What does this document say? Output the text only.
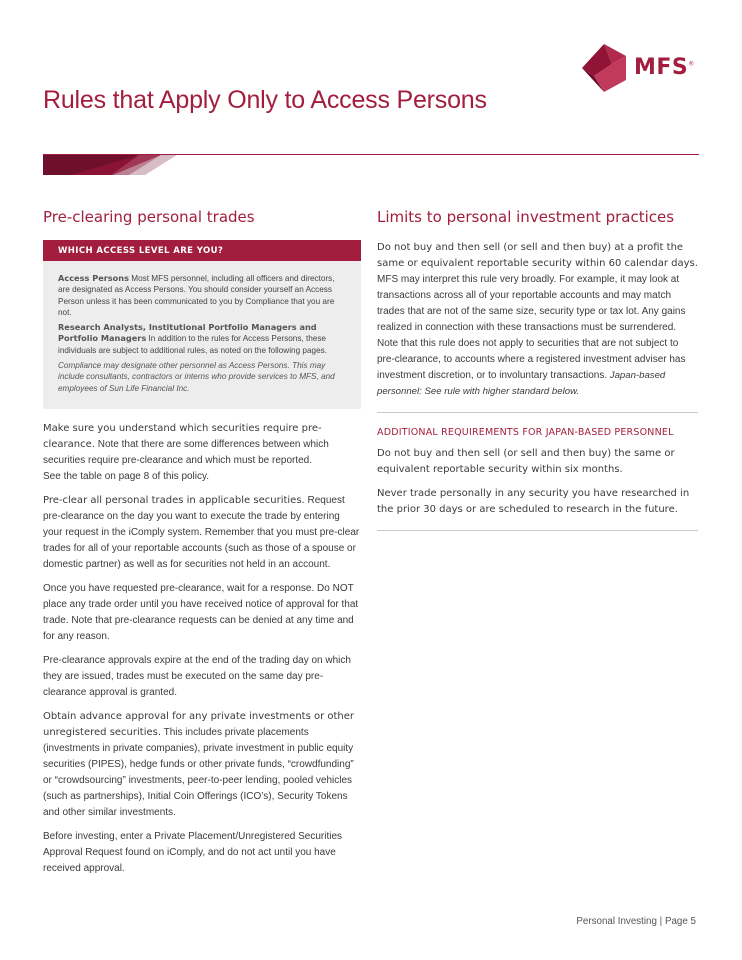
MFS®
Rules that Apply Only to Access Persons
Pre-clearing personal trades
WHICH ACCESS LEVEL ARE YOU?

Access Persons Most MFS personnel, including all officers and directors, are designated as Access Persons. You should consider yourself an Access Person unless it has been communicated to you by Compliance that you are not.

Research Analysts, Institutional Portfolio Managers and Portfolio Managers In addition to the rules for Access Persons, these individuals are subject to additional rules, as noted on the following pages.

Compliance may designate other personnel as Access Persons. This may include consultants, contractors or interns who provide services to MFS, and employees of Sun Life Financial Inc.

Make sure you understand which securities require pre-clearance. Note that there are some differences between which securities require pre-clearance and which must be reported.
See the table on page 8 of this policy.

Pre-clear all personal trades in applicable securities. Request pre-clearance on the day you want to execute the trade by entering your request in the iComply system. Remember that you must pre-clear trades for all of your reportable accounts (such as those of a spouse or domestic partner) as well as for securities not held in an account.

Once you have requested pre-clearance, wait for a response. Do NOT place any trade order until you have received notice of approval for that trade. Note that pre-clearance requests can be denied at any time and for any reason.

Pre-clearance approvals expire at the end of the trading day on which they are issued, trades must be executed on the same day pre-clearance approval is granted.

Obtain advance approval for any private investments or other unregistered securities. This includes private placements (investments in private companies), private investment in public equity securities (PIPES), hedge funds or other private funds, “crowdfunding” or “crowdsourcing” investments, peer-to-peer lending, pooled vehicles (such as partnerships), Initial Coin Offerings (ICO’s), Security Tokens and other similar investments.

Before investing, enter a Private Placement/Unregistered Securities Approval Request found on iComply, and do not act until you have received approval.

Limits to personal investment practices

Do not buy and then sell (or sell and then buy) at a profit the same or equivalent reportable security within 60 calendar days. MFS may interpret this rule very broadly. For example, it may look at transactions across all of your reportable accounts and may match trades that are not of the same size, security type or tax lot. Any gains realized in connection with these transactions must be surrendered. Note that this rule does not apply to securities that are not subject to pre-clearance, to accounts where a registered investment adviser has investment discretion, or to involuntary transactions. Japan-based personnel: See rule with higher standard below.

ADDITIONAL REQUIREMENTS FOR JAPAN-BASED PERSONNEL

Do not buy and then sell (or sell and then buy) the same or equivalent reportable security within six months.

Never trade personally in any security you have researched in the prior 30 days or are scheduled to research in the future.

Personal Investing | Page 5
